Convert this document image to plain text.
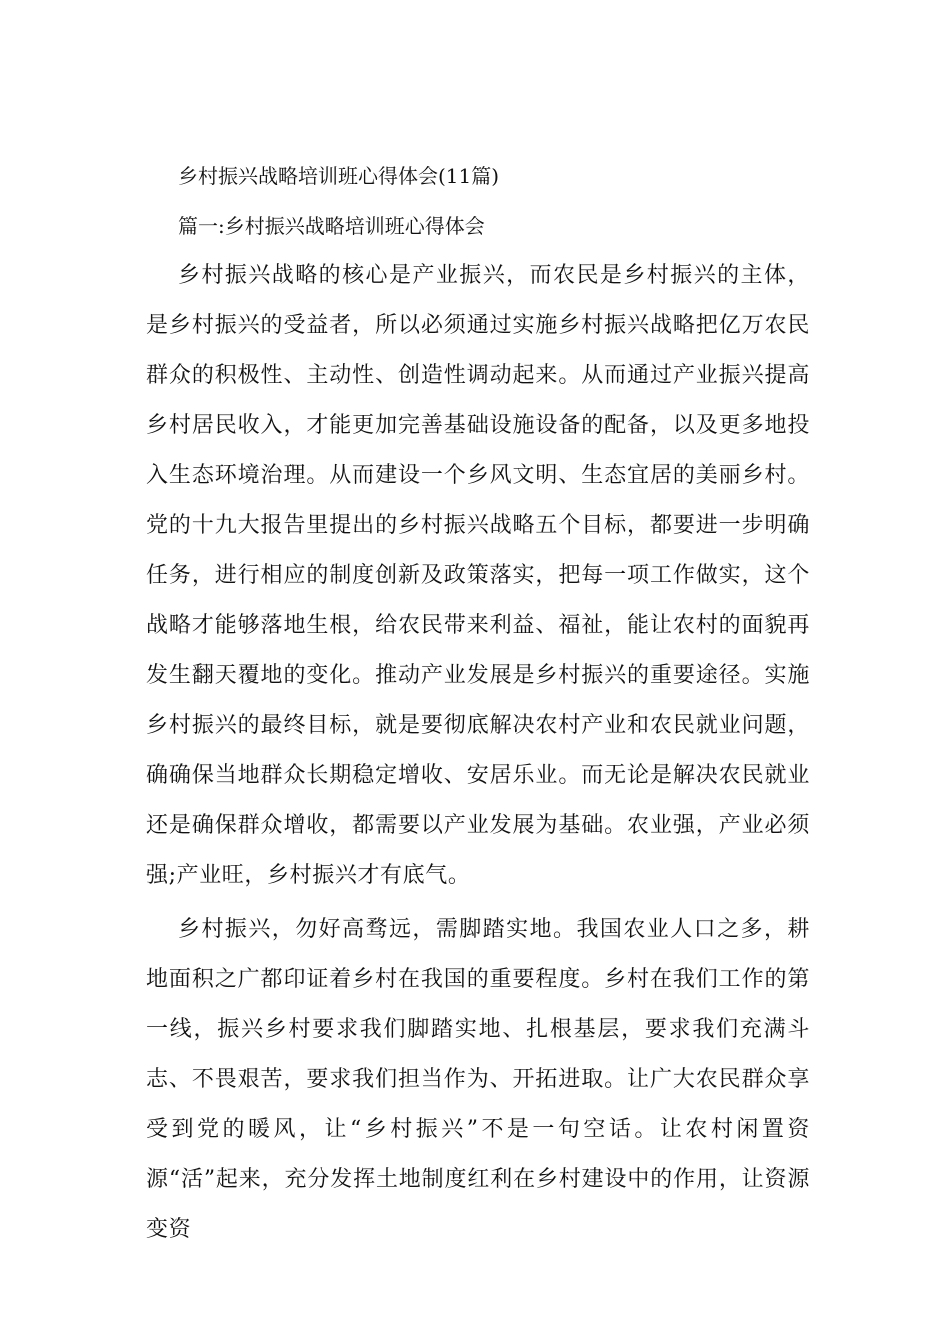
乡村振兴战略培训班心得体会(11篇)

篇一:乡村振兴战略培训班心得体会

乡村振兴战略的核心是产业振兴，而农民是乡村振兴的主体，是乡村振兴的受益者，所以必须通过实施乡村振兴战略把亿万农民群众的积极性、主动性、创造性调动起来。从而通过产业振兴提高乡村居民收入，才能更加完善基础设施设备的配备，以及更多地投入生态环境治理。从而建设一个乡风文明、生态宜居的美丽乡村。党的十九大报告里提出的乡村振兴战略五个目标，都要进一步明确任务，进行相应的制度创新及政策落实，把每一项工作做实，这个战略才能够落地生根，给农民带来利益、福祉，能让农村的面貌再发生翻天覆地的变化。推动产业发展是乡村振兴的重要途径。实施乡村振兴的最终目标，就是要彻底解决农村产业和农民就业问题，确确保当地群众长期稳定增收、安居乐业。而无论是解决农民就业还是确保群众增收，都需要以产业发展为基础。农业强，产业必须强;产业旺，乡村振兴才有底气。

乡村振兴，勿好高骛远，需脚踏实地。我国农业人口之多，耕地面积之广都印证着乡村在我国的重要程度。乡村在我们工作的第一线，振兴乡村要求我们脚踏实地、扎根基层，要求我们充满斗志、不畏艰苦，要求我们担当作为、开拓进取。让广大农民群众享受到党的暖风，让“乡村振兴”不是一句空话。让农村闲置资源“活”起来，充分发挥土地制度红利在乡村建设中的作用，让资源变资
